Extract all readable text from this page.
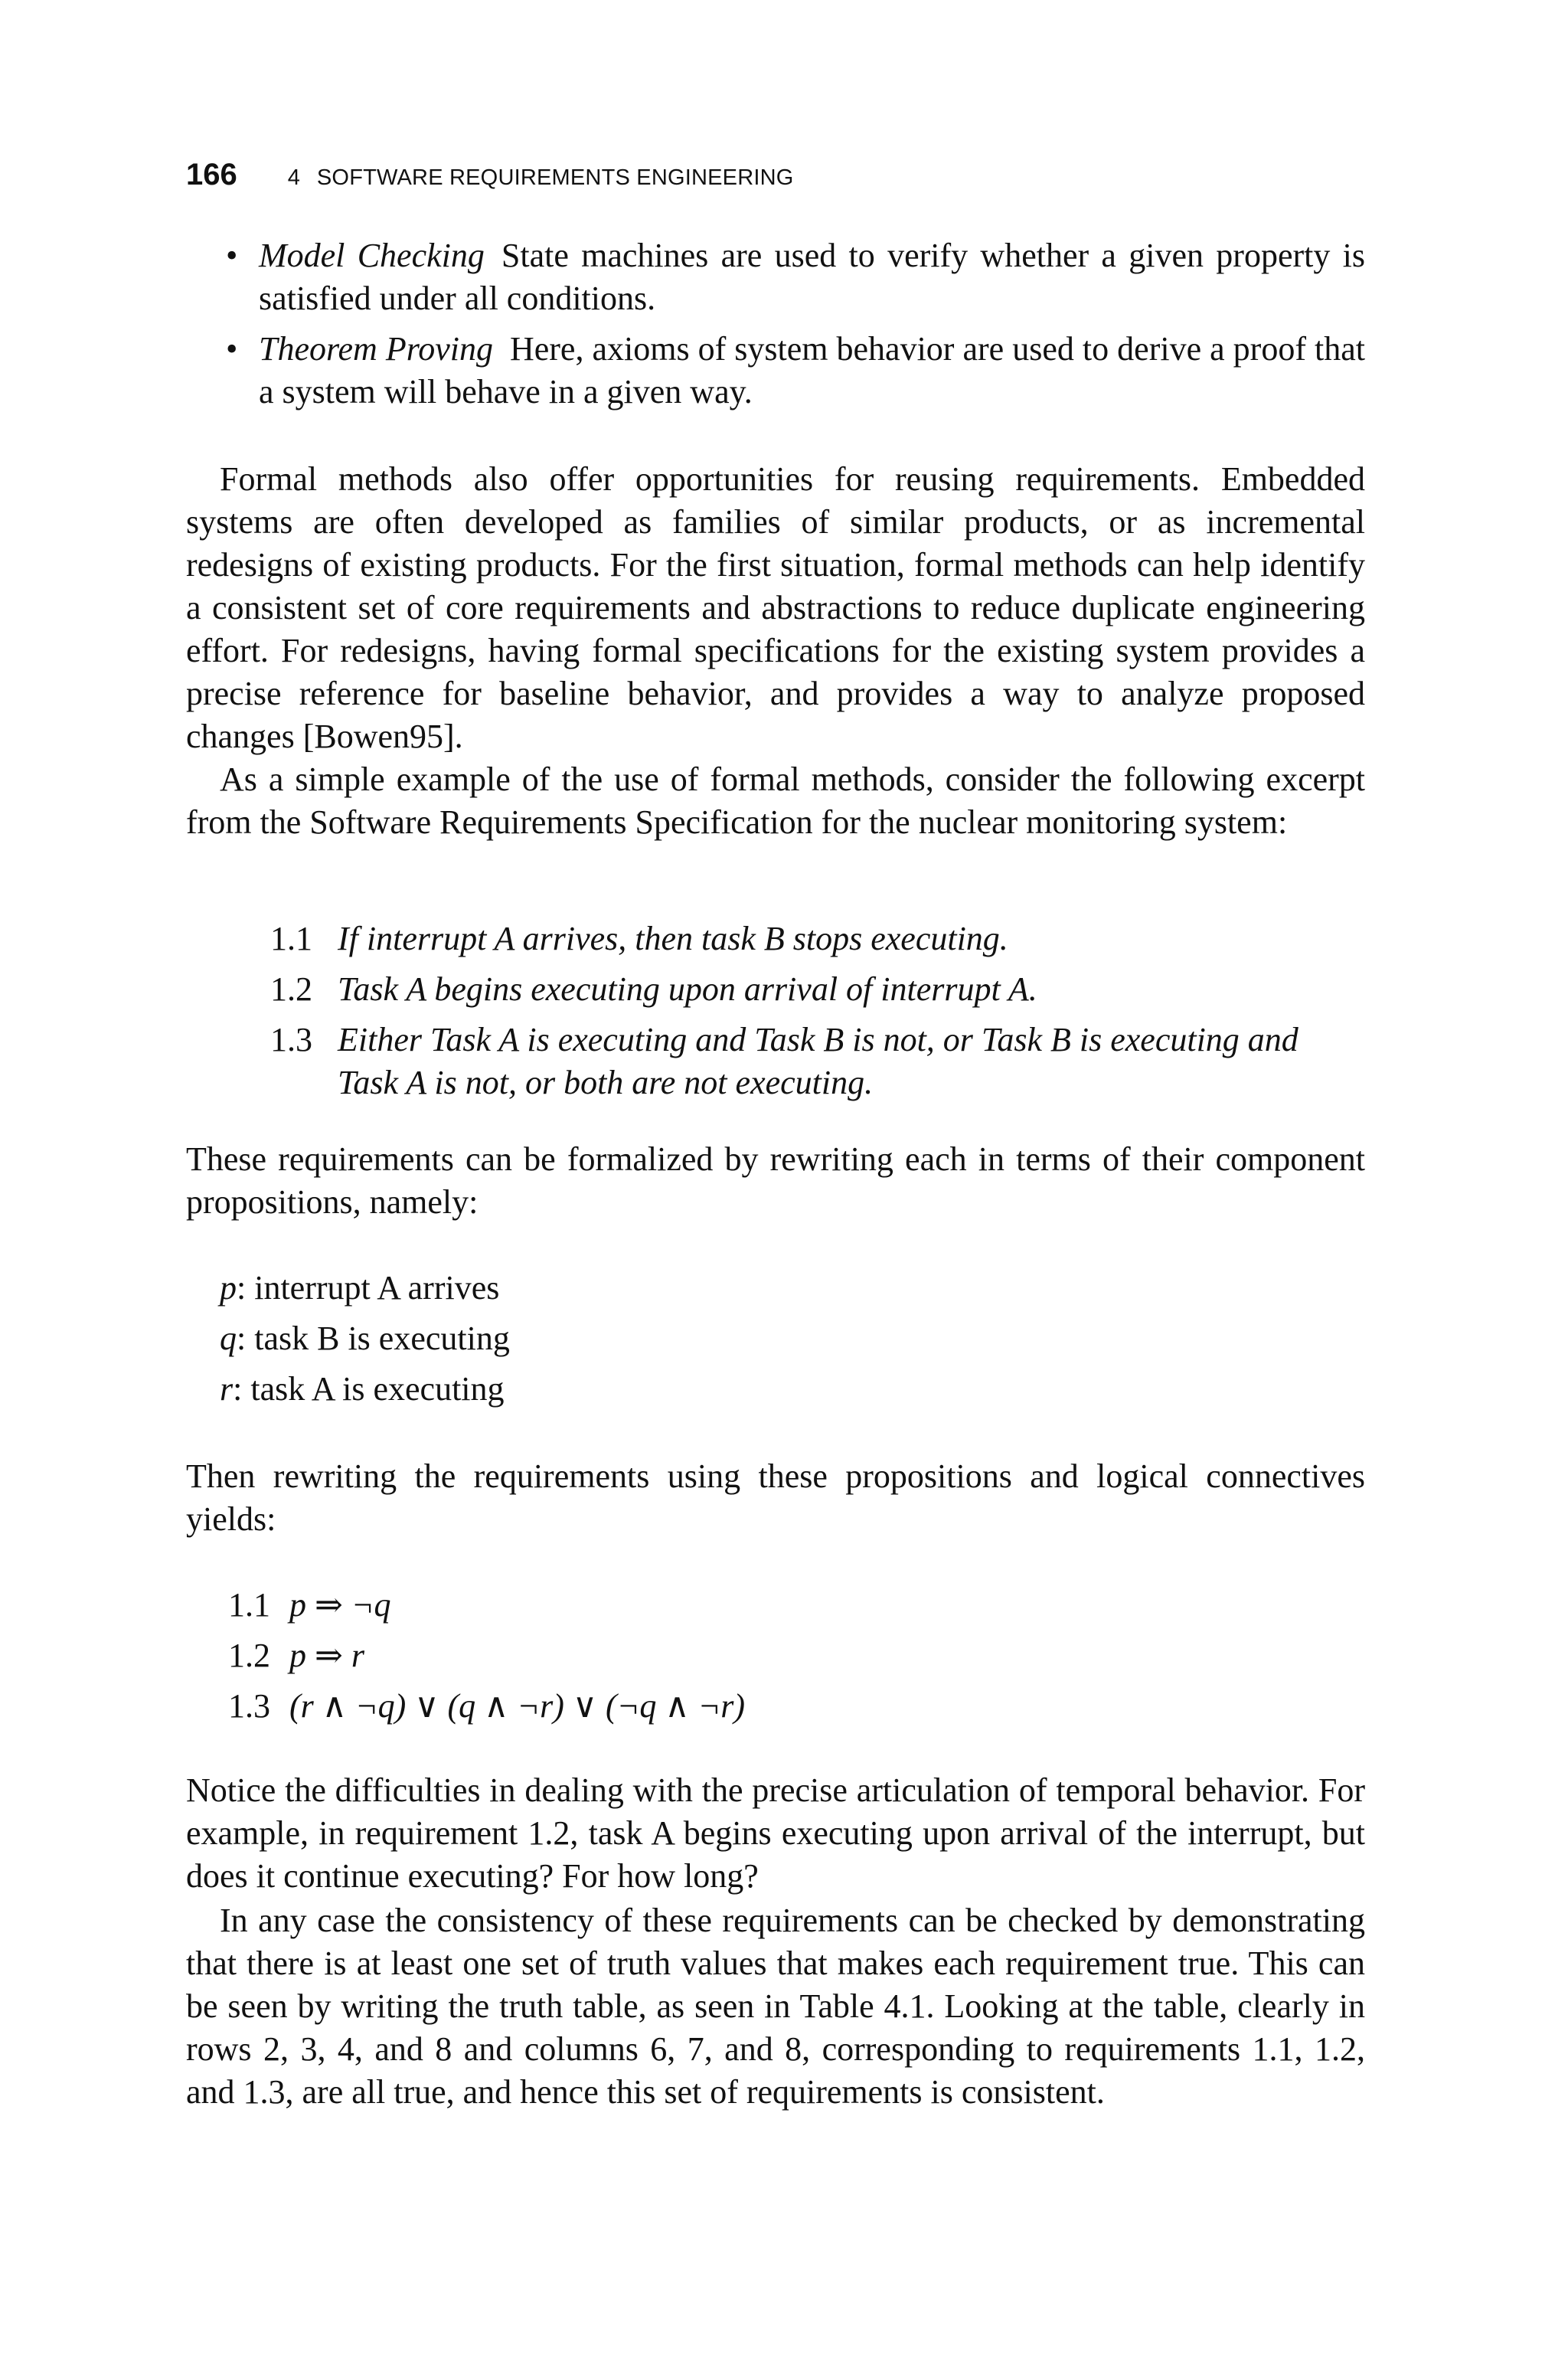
166 4 SOFTWARE REQUIREMENTS ENGINEERING
• Model Checking State machines are used to verify whether a given property is satisfied under all conditions.
• Theorem Proving Here, axioms of system behavior are used to derive a proof that a system will behave in a given way.

Formal methods also offer opportunities for reusing requirements. Embedded systems are often developed as families of similar products, or as incremental redesigns of existing products. For the first situation, formal methods can help identify a consistent set of core requirements and abstractions to reduce duplicate engineering effort. For redesigns, having formal specifications for the existing system provides a precise reference for baseline behavior, and provides a way to analyze proposed changes [Bowen95].

As a simple example of the use of formal methods, consider the following excerpt from the Software Requirements Specification for the nuclear monitoring system:

1.1 If interrupt A arrives, then task B stops executing.
1.2 Task A begins executing upon arrival of interrupt A.
1.3 Either Task A is executing and Task B is not, or Task B is executing and Task A is not, or both are not executing.

These requirements can be formalized by rewriting each in terms of their component propositions, namely:

p: interrupt A arrives
q: task B is executing
r: task A is executing

Then rewriting the requirements using these propositions and logical connectives yields:

1.1 p ⇒ ¬q
1.2 p ⇒ r
1.3 (r ∧ ¬q) ∨ (q ∧ ¬r) ∨ (¬q ∧ ¬r)

Notice the difficulties in dealing with the precise articulation of temporal behavior. For example, in requirement 1.2, task A begins executing upon arrival of the interrupt, but does it continue executing? For how long?

In any case the consistency of these requirements can be checked by demonstrating that there is at least one set of truth values that makes each requirement true. This can be seen by writing the truth table, as seen in Table 4.1. Looking at the table, clearly in rows 2, 3, 4, and 8 and columns 6, 7, and 8, corresponding to requirements 1.1, 1.2, and 1.3, are all true, and hence this set of requirements is consistent.
